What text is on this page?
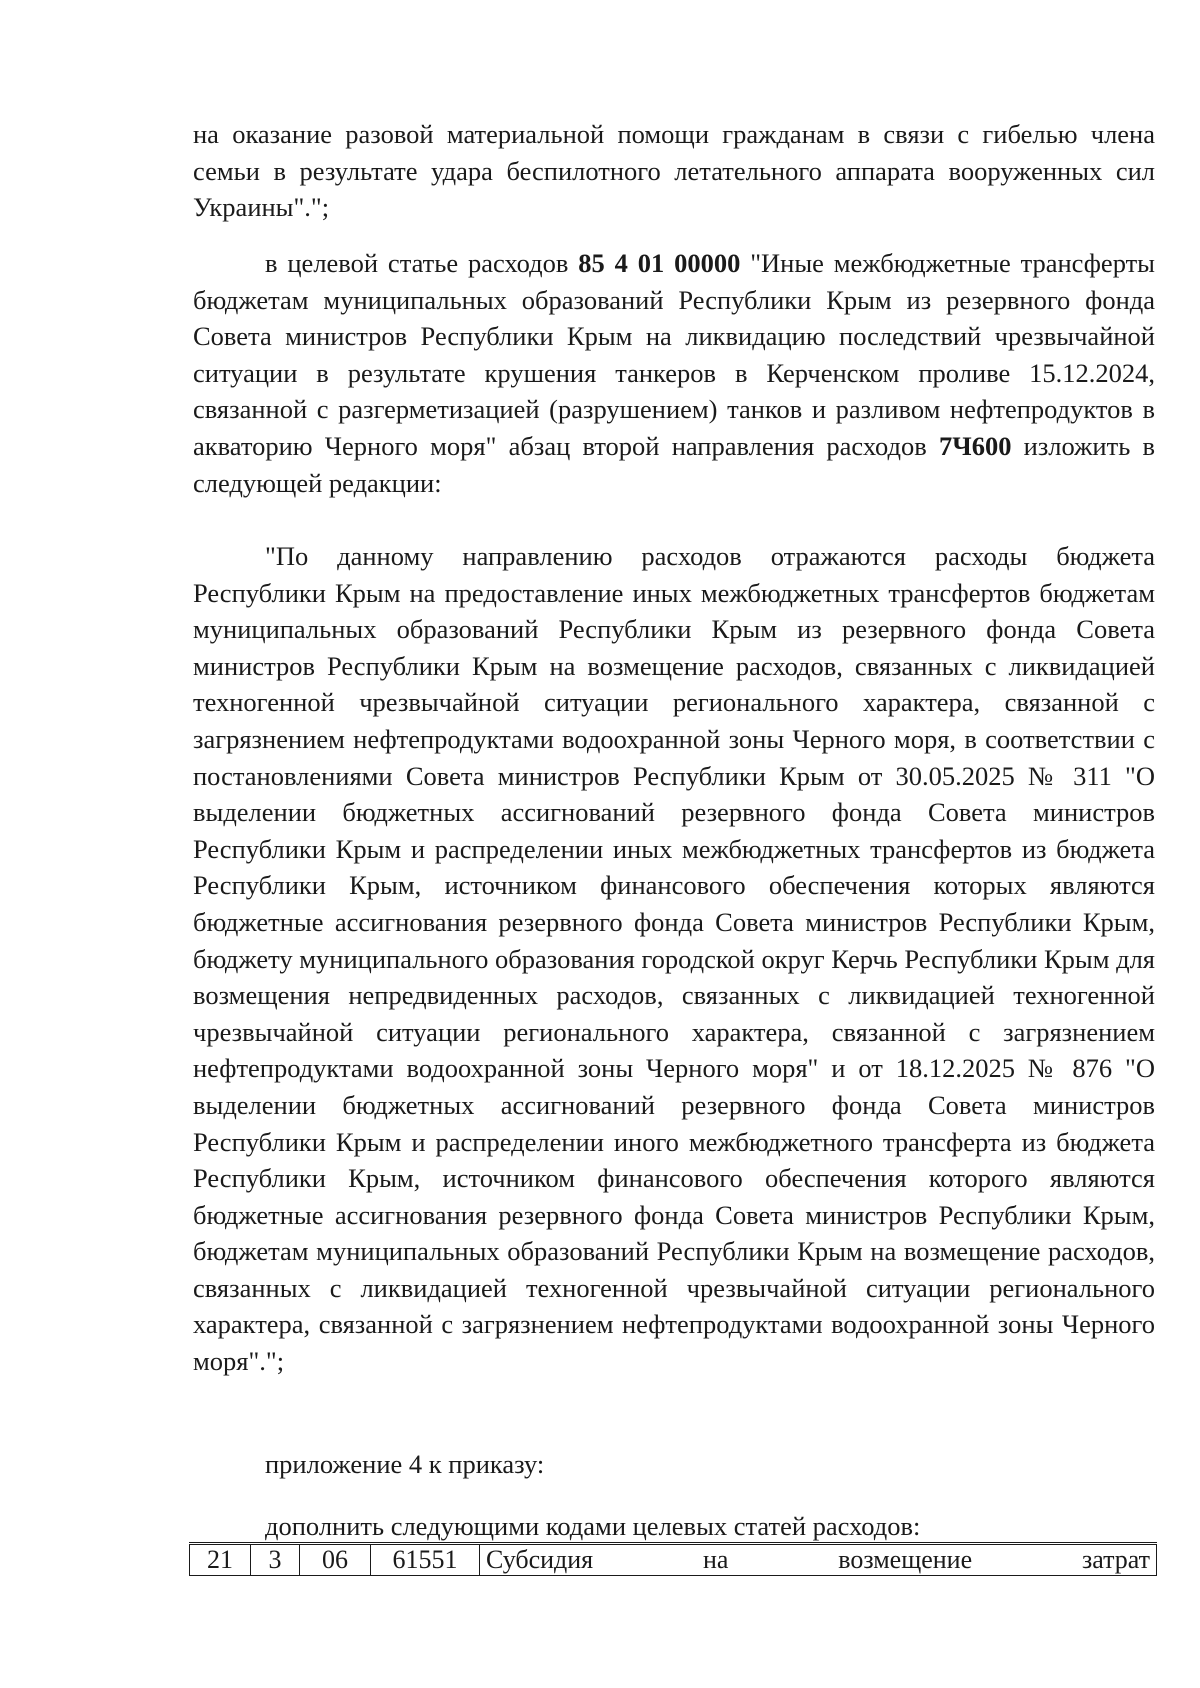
на оказание разовой материальной помощи гражданам в связи с гибелью члена семьи в результате удара беспилотного летательного аппарата вооруженных сил Украины".";

в целевой статье расходов 85 4 01 00000 "Иные межбюджетные трансферты бюджетам муниципальных образований Республики Крым из резервного фонда Совета министров Республики Крым на ликвидацию последствий чрезвычайной ситуации в результате крушения танкеров в Керченском проливе 15.12.2024, связанной с разгерметизацией (разрушением) танков и разливом нефтепродуктов в акваторию Черного моря" абзац второй направления расходов 7Ч600 изложить в следующей редакции:

"По данному направлению расходов отражаются расходы бюджета Республики Крым на предоставление иных межбюджетных трансфертов бюджетам муниципальных образований Республики Крым из резервного фонда Совета министров Республики Крым на возмещение расходов, связанных с ликвидацией техногенной чрезвычайной ситуации регионального характера, связанной с загрязнением нефтепродуктами водоохранной зоны Черного моря, в соответствии с постановлениями Совета министров Республики Крым от 30.05.2025 № 311 "О выделении бюджетных ассигнований резервного фонда Совета министров Республики Крым и распределении иных межбюджетных трансфертов из бюджета Республики Крым, источником финансового обеспечения которых являются бюджетные ассигнования резервного фонда Совета министров Республики Крым, бюджету муниципального образования городской округ Керчь Республики Крым для возмещения непредвиденных расходов, связанных с ликвидацией техногенной чрезвычайной ситуации регионального характера, связанной с загрязнением нефтепродуктами водоохранной зоны Черного моря" и от 18.12.2025 № 876 "О выделении бюджетных ассигнований резервного фонда Совета министров Республики Крым и распределении иного межбюджетного трансферта из бюджета Республики Крым, источником финансового обеспечения которого являются бюджетные ассигнования резервного фонда Совета министров Республики Крым, бюджетам муниципальных образований Республики Крым на возмещение расходов, связанных с ликвидацией техногенной чрезвычайной ситуации регионального характера, связанной с загрязнением нефтепродуктами водоохранной зоны Черного моря".";

приложение 4 к приказу:

дополнить следующими кодами целевых статей расходов:

21	3	06	61551	Субсидия на возмещение затрат
